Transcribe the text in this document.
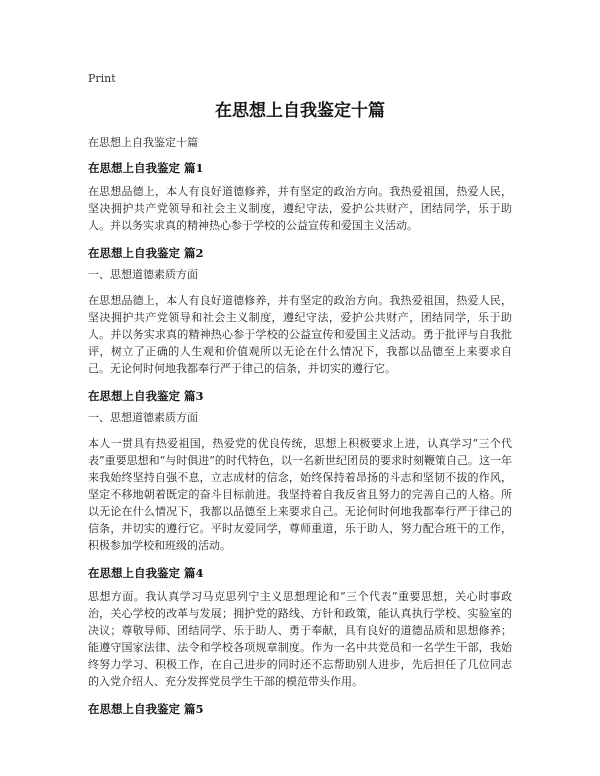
Print

在思想上自我鉴定十篇

在思想上自我鉴定十篇

在思想上自我鉴定 篇1

在思想品德上，本人有良好道德修养，并有坚定的政治方向。我热爱祖国，热爱人民，坚决拥护共产党领导和社会主义制度，遵纪守法，爱护公共财产，团结同学，乐于助人。并以务实求真的精神热心参于学校的公益宣传和爱国主义活动。

在思想上自我鉴定 篇2

一、思想道德素质方面

在思想品德上，本人有良好道德修养，并有坚定的政治方向。我热爱祖国，热爱人民，坚决拥护共产党领导和社会主义制度，遵纪守法，爱护公共财产，团结同学，乐于助人。并以务实求真的精神热心参于学校的公益宣传和爱国主义活动。勇于批评与自我批评，树立了正确的人生观和价值观所以无论在什么情况下，我都以品德至上来要求自己。无论何时何地我都奉行严于律己的信条，并切实的遵行它。

在思想上自我鉴定 篇3

一、思想道德素质方面

本人一贯具有热爱祖国，热爱党的优良传统，思想上积极要求上进，认真学习“三个代表”重要思想和“与时俱进”的时代特色，以一名新世纪团员的要求时刻鞭策自己。这一年来我始终坚持自强不息，立志成材的信念，始终保持着昂扬的斗志和坚韧不拔的作风，坚定不移地朝着既定的奋斗目标前进。我坚持着自我反省且努力的完善自己的人格。所以无论在什么情况下，我都以品德至上来要求自己。无论何时何地我都奉行严于律己的信条，并切实的遵行它。平时友爱同学，尊师重道，乐于助人，努力配合班干的工作，积极参加学校和班级的活动。

在思想上自我鉴定 篇4

思想方面。我认真学习马克思列宁主义思想理论和“三个代表”重要思想，关心时事政治，关心学校的改革与发展；拥护党的路线、方针和政策，能认真执行学校、实验室的决议；尊敬导师、团结同学、乐于助人、勇于奉献，具有良好的道德品质和思想修养；能遵守国家法律、法令和学校各项规章制度。作为一名中共党员和一名学生干部，我始终努力学习、积极工作，在自己进步的同时还不忘帮助别人进步，先后担任了几位同志的入党介绍人、充分发挥党员学生干部的模范带头作用。

在思想上自我鉴定 篇5
